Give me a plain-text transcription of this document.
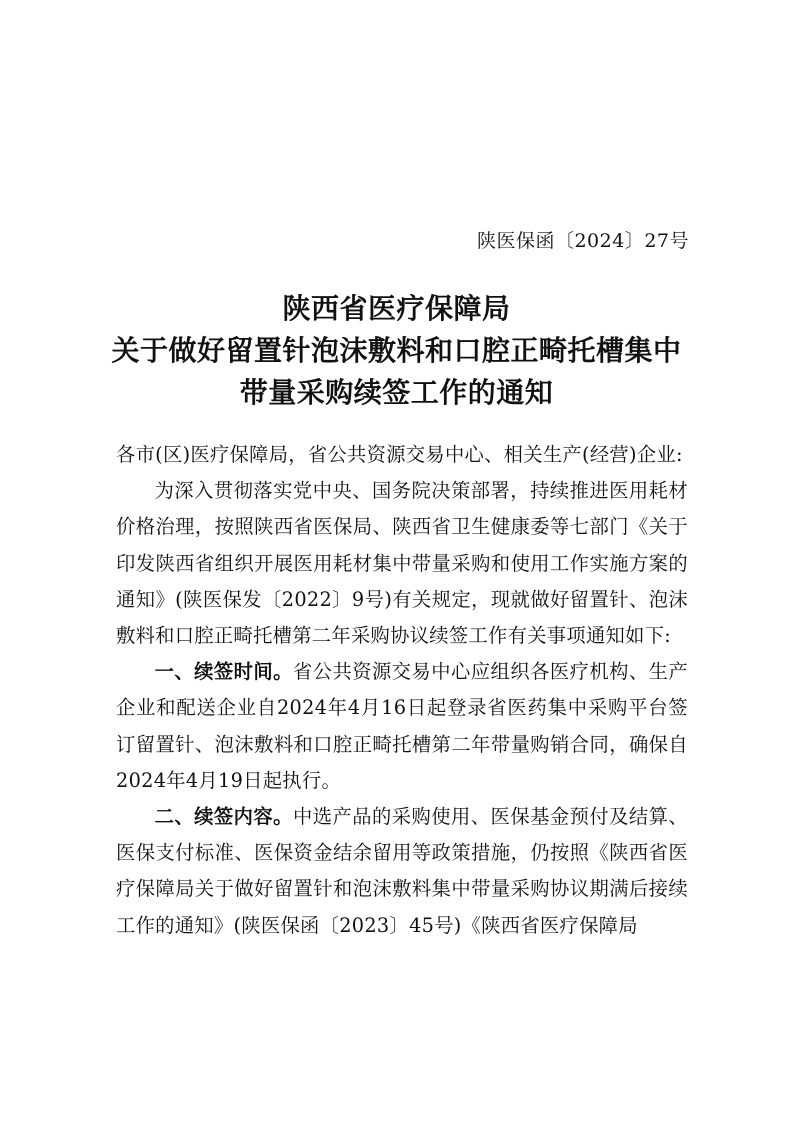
陕医保函〔2024〕27号
陕西省医疗保障局
关于做好留置针泡沫敷料和口腔正畸托槽集中
带量采购续签工作的通知

各市(区)医疗保障局，省公共资源交易中心、相关生产(经营)企业:

为深入贯彻落实党中央、国务院决策部署，持续推进医用耗材价格治理，按照陕西省医保局、陕西省卫生健康委等七部门《关于印发陕西省组织开展医用耗材集中带量采购和使用工作实施方案的通知》(陕医保发〔2022〕9号)有关规定，现就做好留置针、泡沫敷料和口腔正畸托槽第二年采购协议续签工作有关事项通知如下:

一、续签时间。省公共资源交易中心应组织各医疗机构、生产企业和配送企业自2024年4月16日起登录省医药集中采购平台签订留置针、泡沫敷料和口腔正畸托槽第二年带量购销合同，确保自2024年4月19日起执行。

二、续签内容。中选产品的采购使用、医保基金预付及结算、医保支付标准、医保资金结余留用等政策措施，仍按照《陕西省医疗保障局关于做好留置针和泡沫敷料集中带量采购协议期满后接续工作的通知》(陕医保函〔2023〕45号)《陕西省医疗保障局
